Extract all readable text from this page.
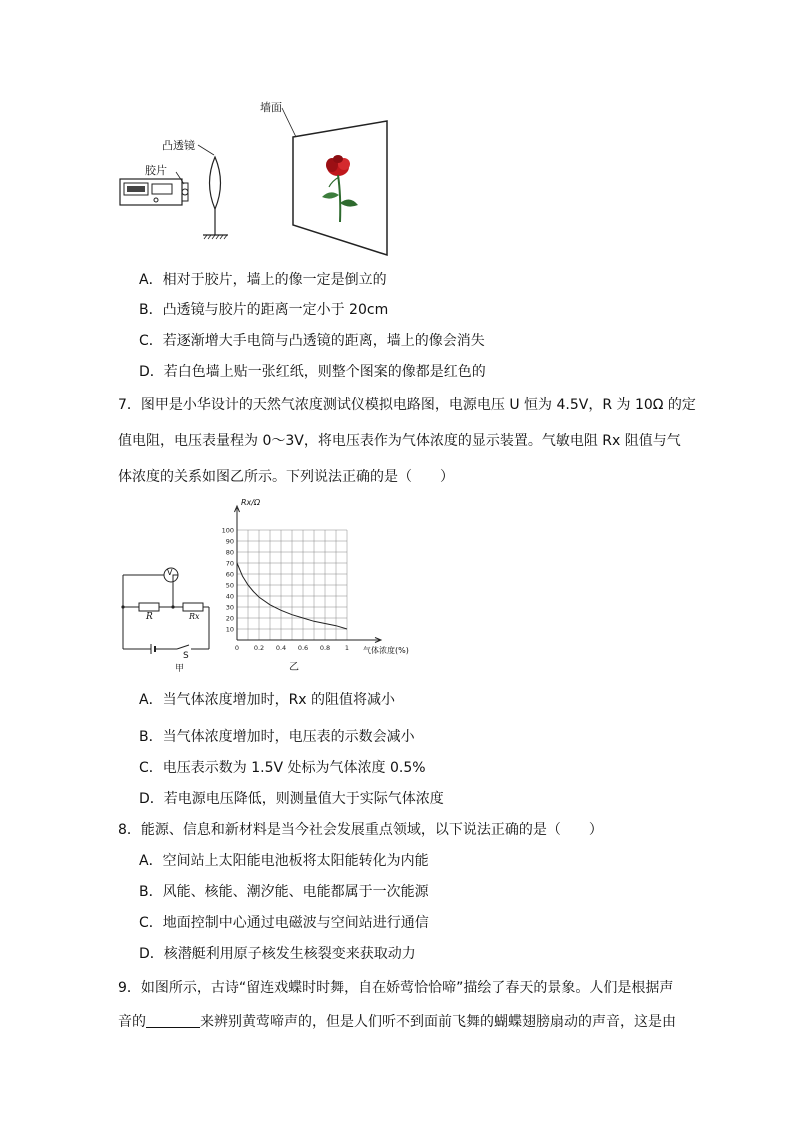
墙面
凸透镜
胶片
A．相对于胶片，墙上的像一定是倒立的
B．凸透镜与胶片的距离一定小于 20cm
C．若逐渐增大手电筒与凸透镜的距离，墙上的像会消失
D．若白色墙上贴一张红纸，则整个图案的像都是红色的
7．图甲是小华设计的天然气浓度测试仪模拟电路图，电源电压 U 恒为 4.5V，R 为 10Ω 的定
值电阻，电压表量程为 0～3V，将电压表作为气体浓度的显示装置。气敏电阻 Rx 阻值与气
体浓度的关系如图乙所示。下列说法正确的是（　　）
V
R	Rx
S
甲
10
20
30
40
50
60
70
80
90
100
0 0.2 0.4 0.6 0.8 1
Rx/Ω
气体浓度(%)
乙
A．当气体浓度增加时，Rx 的阻值将减小
B．当气体浓度增加时，电压表的示数会减小
C．电压表示数为 1.5V 处标为气体浓度 0.5%
D．若电源电压降低，则测量值大于实际气体浓度
8．能源、信息和新材料是当今社会发展重点领域，以下说法正确的是（　　）
A．空间站上太阳能电池板将太阳能转化为内能
B．风能、核能、潮汐能、电能都属于一次能源
C．地面控制中心通过电磁波与空间站进行通信
D．核潜艇利用原子核发生核裂变来获取动力
9．如图所示，古诗“留连戏蝶时时舞，自在娇莺恰恰啼”描绘了春天的景象。人们是根据声
音的	来辨别黄莺啼声的，但是人们听不到面前飞舞的蝴蝶翅膀扇动的声音，这是由
